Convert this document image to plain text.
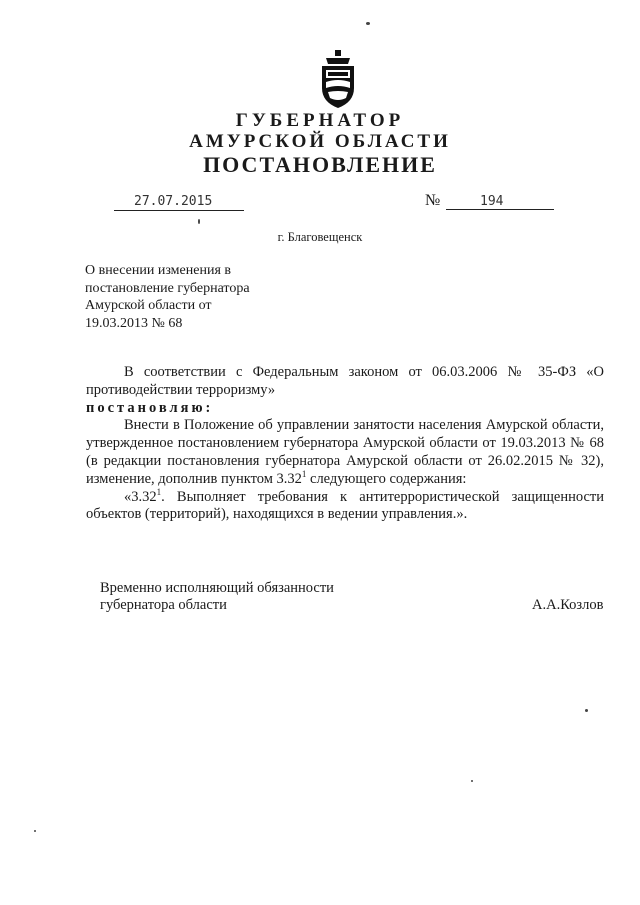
ГУБЕРНАТОР
АМУРСКОЙ ОБЛАСТИ
ПОСТАНОВЛЕНИЕ
27.07.2015	№	194
г. Благовещенск
О внесении изменения в
постановление губернатора
Амурской области от
19.03.2013 № 68
В соответствии с Федеральным законом от 06.03.2006 № 35-ФЗ «О противодействии терроризму»
постановляю:
Внести в Положение об управлении занятости населения Амурской области, утвержденное постановлением губернатора Амурской области от 19.03.2013 № 68 (в редакции постановления губернатора Амурской области от 26.02.2015 № 32), изменение, дополнив пунктом 3.32$^1$ следующего содержания:
«3.32$^1$. Выполняет требования к антитеррористической защищенности объектов (территорий), находящихся в ведении управления.».
Временно исполняющий обязанности
губернатора области	А.А.Козлов
